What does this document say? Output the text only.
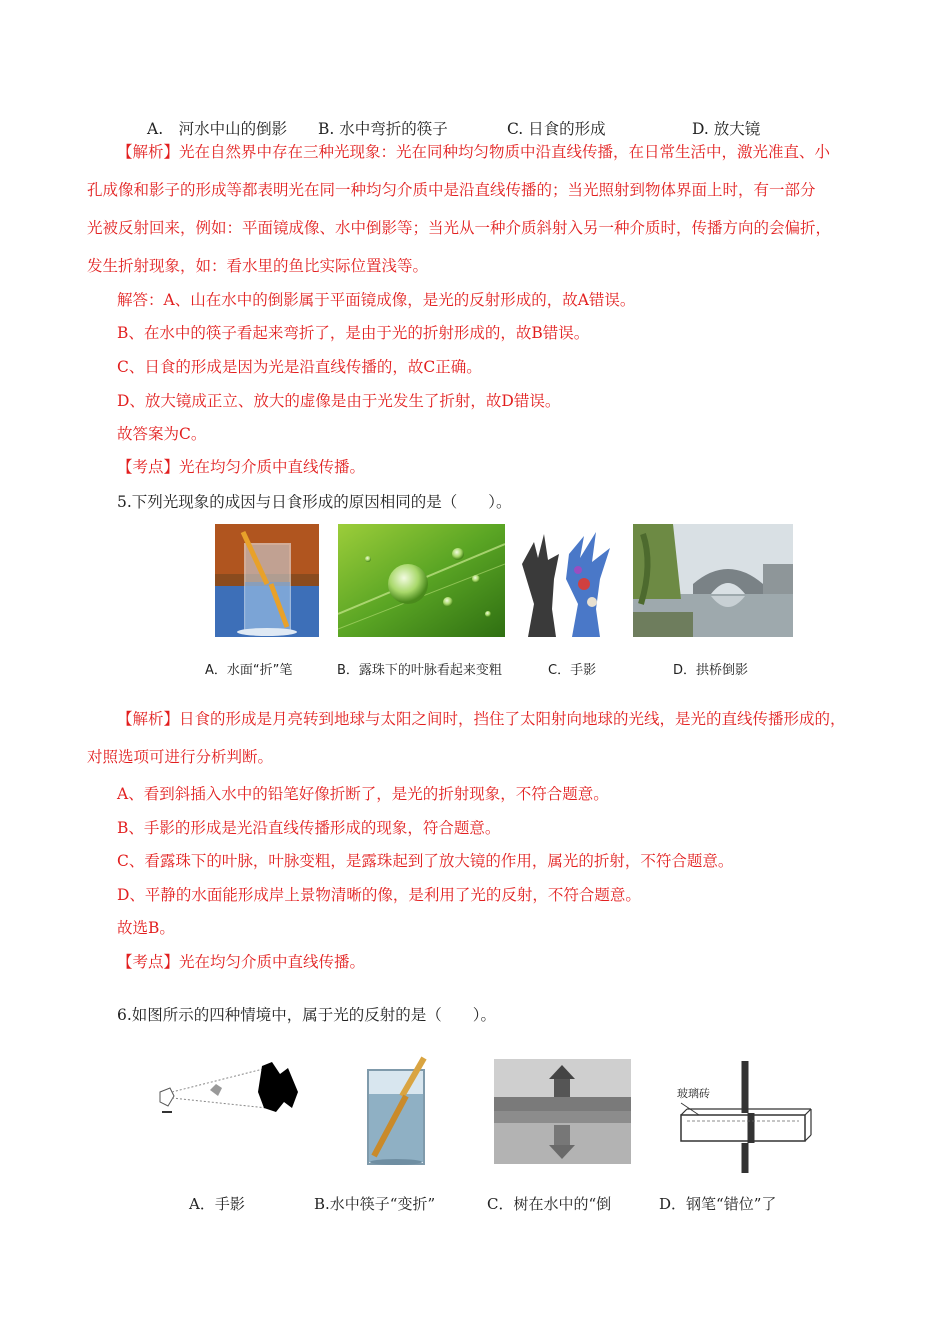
A.　河水中山的倒影 B. 水中弯折的筷子	C. 日食的形成	D. 放大镜
【解析】光在自然界中存在三种光现象：光在同种均匀物质中沿直线传播，在日常生活中，激光准直、小
孔成像和影子的形成等都表明光在同一种均匀介质中是沿直线传播的；当光照射到物体界面上时，有一部分
光被反射回来，例如：平面镜成像、水中倒影等；当光从一种介质斜射入另一种介质时，传播方向的会偏折，
发生折射现象，如：看水里的鱼比实际位置浅等。
解答：A、山在水中的倒影属于平面镜成像，是光的反射形成的，故A错误。
B、在水中的筷子看起来弯折了，是由于光的折射形成的，故B错误。
C、日食的形成是因为光是沿直线传播的，故C正确。
D、放大镜成正立、放大的虚像是由于光发生了折射，故D错误。
故答案为C。
【考点】光在均匀介质中直线传播。
5.下列光现象的成因与日食形成的原因相同的是（　　）。
A．水面“折”笔	B．露珠下的叶脉看起来变粗	C．手影	D．拱桥倒影
【解析】日食的形成是月亮转到地球与太阳之间时，挡住了太阳射向地球的光线，是光的直线传播形成的，
对照选项可进行分析判断。
A、看到斜插入水中的铅笔好像折断了，是光的折射现象，不符合题意。
B、手影的形成是光沿直线传播形成的现象，符合题意。
C、看露珠下的叶脉，叶脉变粗，是露珠起到了放大镜的作用，属光的折射，不符合题意。
D、平静的水面能形成岸上景物清晰的像，是利用了光的反射，不符合题意。
故选B。
【考点】光在均匀介质中直线传播。
6.如图所示的四种情境中，属于光的反射的是（　　）。
玻璃砖
A．手影	B.水中筷子“变折”	C．树在水中的“倒	D．钢笔“错位”了
